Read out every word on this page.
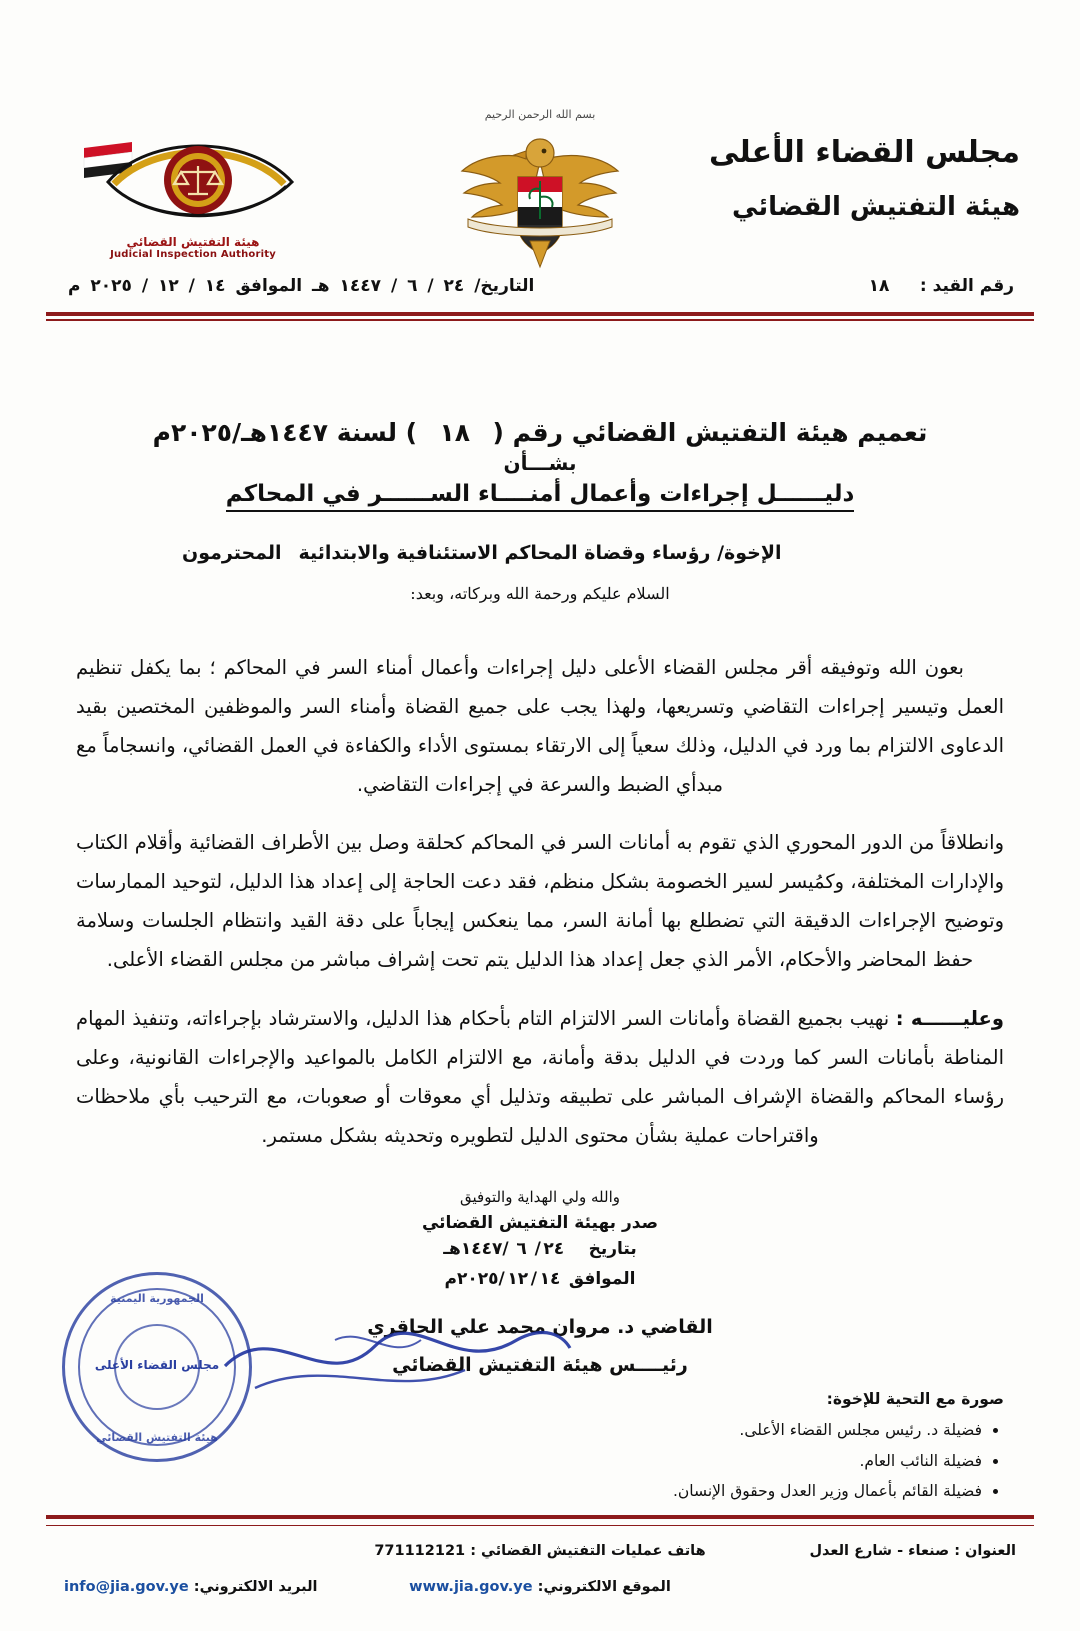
مجلس القضاء الأعلى
هيئة التفتيش القضائي
بسم الله الرحمن الرحيم
هيئة التفتيش القضائي
Judicial Inspection Authority
رقم القيد : ١٨
التاريخ/ ٢٤ / ٦ / ١٤٤٧ هـ الموافق ١٤ / ١٢ / ٢٠٢٥ م
تعميم هيئة التفتيش القضائي رقم ( ١٨ ) لسنة ١٤٤٧هـ/٢٠٢٥م
بشـــأن
دليــــــل إجراءات وأعمال أمنــــاء السـ‍ـــــر في المحاكم
الإخوة/ رؤساء وقضاة المحاكم الاستئنافية والابتدائية
المحترمون
السلام عليكم ورحمة الله وبركاته، وبعد:

بعون الله وتوفيقه أقر مجلس القضاء الأعلى دليل إجراءات وأعمال أمناء السر في المحاكم ؛ بما يكفل تنظيم العمل وتيسير إجراءات التقاضي وتسريعها، ولهذا يجب على جميع القضاة وأمناء السر والموظفين المختصين بقيد الدعاوى الالتزام بما ورد في الدليل، وذلك سعياً إلى الارتقاء بمستوى الأداء والكفاءة في العمل القضائي، وانسجاماً مع مبدأي الضبط والسرعة في إجراءات التقاضي.

وانطلاقاً من الدور المحوري الذي تقوم به أمانات السر في المحاكم كحلقة وصل بين الأطراف القضائية وأقلام الكتاب والإدارات المختلفة، وكمُيسر لسير الخصومة بشكل منظم، فقد دعت الحاجة إلى إعداد هذا الدليل، لتوحيد الممارسات وتوضيح الإجراءات الدقيقة التي تضطلع بها أمانة السر، مما ينعكس إيجاباً على دقة القيد وانتظام الجلسات وسلامة حفظ المحاضر والأحكام، الأمر الذي جعل إعداد هذا الدليل يتم تحت إشراف مباشر من مجلس القضاء الأعلى.

وعليــــــه : نهيب بجميع القضاة وأمانات السر الالتزام التام بأحكام هذا الدليل، والاسترشاد بإجراءاته، وتنفيذ المهام المناطة بأمانات السر كما وردت في الدليل بدقة وأمانة، مع الالتزام الكامل بالمواعيد والإجراءات القانونية، وعلى رؤساء المحاكم والقضاة الإشراف المباشر على تطبيقه وتذليل أي معوقات أو صعوبات، مع الترحيب بأي ملاحظات واقتراحات عملية بشأن محتوى الدليل لتطويره وتحديثه بشكل مستمر.

والله ولي الهداية والتوفيق
صدر بهيئة التفتيش القضائي
بتاريخ ٢٤/٦/١٤٤٧هـ
الموافق ١٤/١٢/٢٠٢٥م
القاضي د. مروان محمد علي الحاقري
رئيــــس هيئة التفتيش القضائي
الجمهورية اليمنية
مجلس القضاء الأعلى
هيئة التفتيش القضائي
صورة مع التحية للإخوة:
• فضيلة د. رئيس مجلس القضاء الأعلى.
• فضيلة النائب العام.
• فضيلة القائم بأعمال وزير العدل وحقوق الإنسان.
العنوان : صنعاء - شارع العدل
هاتف عمليات التفتيش القضائي : 771112121
الموقع الالكتروني: www.jia.gov.ye
البريد الالكتروني: info@jia.gov.ye
